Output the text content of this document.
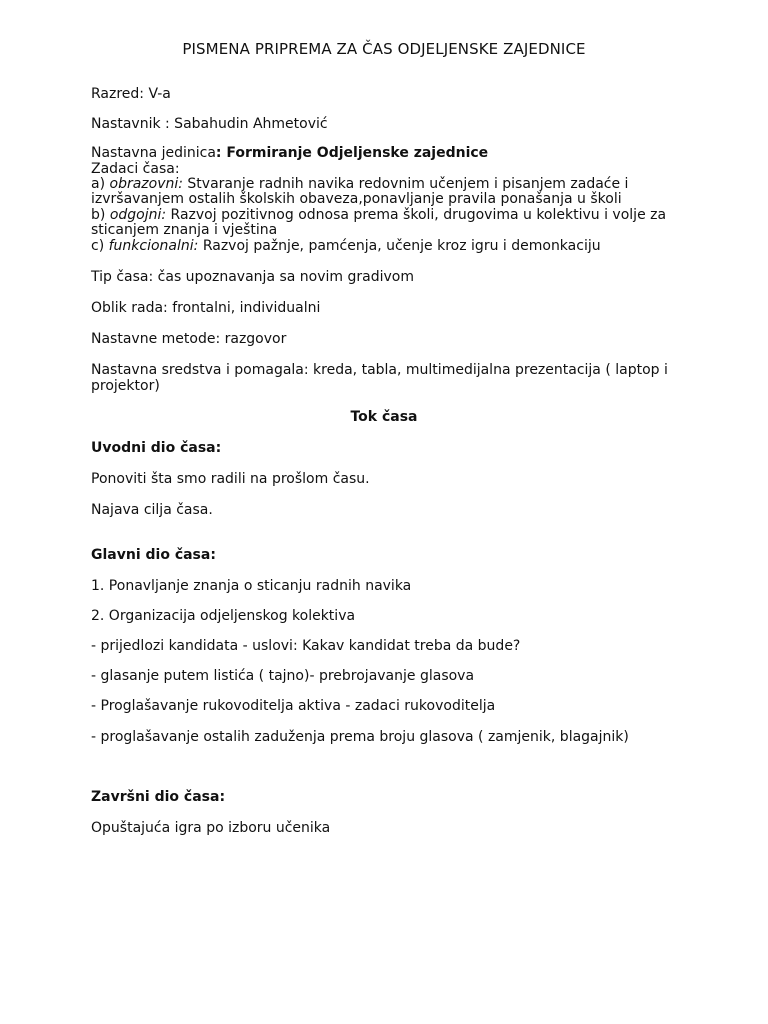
PISMENA PRIPREMA ZA ČAS ODJELJENSKE ZAJEDNICE
Razred: V-a
Nastavnik : Sabahudin Ahmetović
Nastavna jedinica: Formiranje Odjeljenske zajednice
Zadaci časa:
a) obrazovni: Stvaranje radnih navika redovnim učenjem i pisanjem zadaće i
izvršavanjem ostalih školskih obaveza,ponavljanje pravila ponašanja u školi
b) odgojni: Razvoj pozitivnog odnosa prema školi, drugovima u kolektivu i volje za
sticanjem znanja i vještina
c) funkcionalni: Razvoj pažnje, pamćenja, učenje kroz igru i demonkaciju
Tip časa: čas upoznavanja sa novim gradivom
Oblik rada: frontalni, individualni
Nastavne metode: razgovor
Nastavna sredstva i pomagala: kreda, tabla, multimedijalna prezentacija ( laptop i
projektor)
Tok časa
Uvodni dio časa:
Ponoviti šta smo radili na prošlom času.
Najava cilja časa.
Glavni dio časa:
1. Ponavljanje znanja o sticanju radnih navika
2. Organizacija odjeljenskog kolektiva
- prijedlozi kandidata - uslovi: Kakav kandidat treba da bude?
- glasanje putem listića ( tajno)- prebrojavanje glasova
- Proglašavanje rukovoditelja aktiva - zadaci rukovoditelja
- proglašavanje ostalih zaduženja prema broju glasova ( zamjenik, blagajnik)
Završni dio časa:
Opuštajuća igra po izboru učenika
